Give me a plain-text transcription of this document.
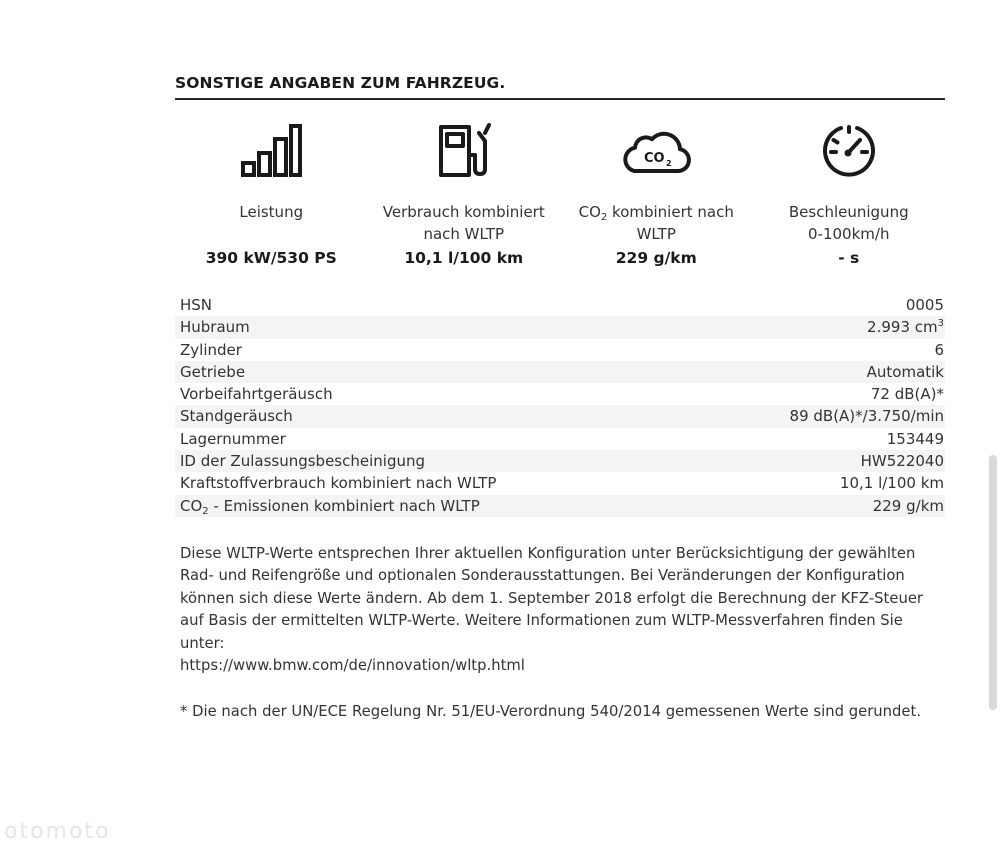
SONSTIGE ANGABEN ZUM FAHRZEUG.
Leistung

390 kW/530 PS
Verbrauch kombiniert
nach WLTP
10,1 l/100 km
CO 2
$CO_2$ kombiniert nach
WLTP
229 g/km
Beschleunigung
0-100km/h
- s
HSN	0005
Hubraum	2.993 $cm^3$
Zylinder	6
Getriebe	Automatik
Vorbeifahrtgeräusch	72 dB(A)*
Standgeräusch	89 dB(A)*/3.750/min
Lagernummer	153449
ID der Zulassungsbescheinigung	HW522040
Kraftstoffverbrauch kombiniert nach WLTP	10,1 l/100 km
$CO_2$ - Emissionen kombiniert nach WLTP	229 g/km

Diese WLTP-Werte entsprechen Ihrer aktuellen Konfiguration unter Berücksichtigung der gewählten
Rad- und Reifengröße und optionalen Sonderausstattungen. Bei Veränderungen der Konfiguration
können sich diese Werte ändern. Ab dem 1. September 2018 erfolgt die Berechnung der KFZ-Steuer
auf Basis der ermittelten WLTP-Werte. Weitere Informationen zum WLTP-Messverfahren finden Sie
unter:
https://www.bmw.com/de/innovation/wltp.html

* Die nach der UN/ECE Regelung Nr. 51/EU-Verordnung 540/2014 gemessenen Werte sind gerundet.

otomoto
